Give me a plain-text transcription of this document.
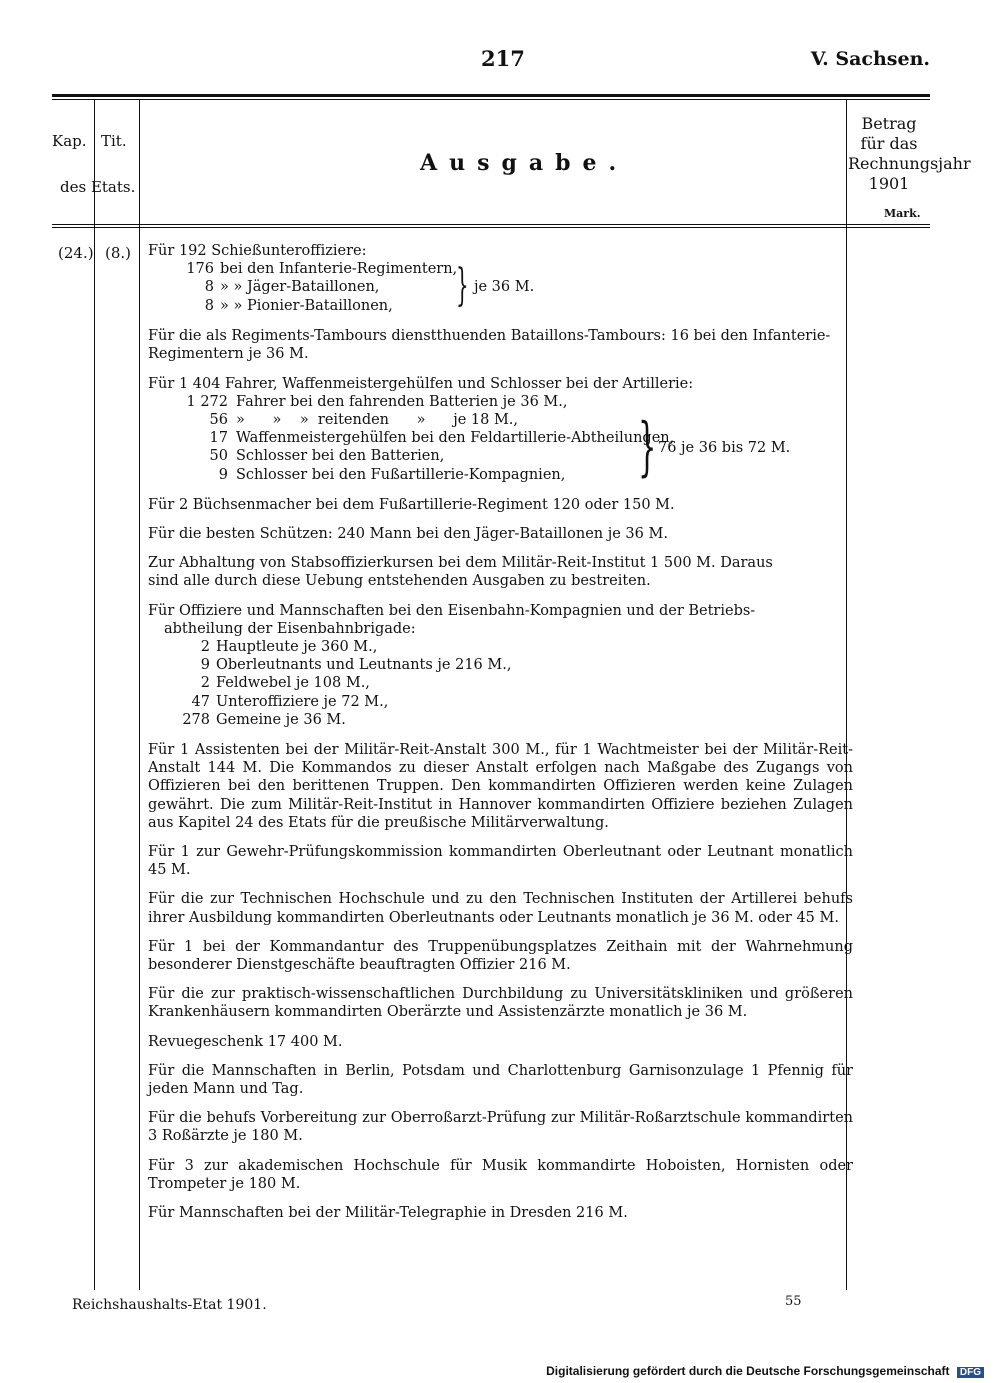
217	V. Sachsen.
Kap. Tit.
des Etats.
Ausgabe.
Betrag
für das
Rechnungsjahr
1901
Mark.
(24.) (8.) Für 192 Schießunteroffiziere:
176 bei den Infanterie-Regimentern,
8 » » Jäger-Bataillonen,
8 » » Pionier-Bataillonen, } je 36 M.
Für die als Regiments-Tambours dienstthuenden Bataillons-Tambours: 16 bei den Infanterie-
Regimentern je 36 M.
Für 1 404 Fahrer, Waffenmeistergehülfen und Schlosser bei der Artillerie:
1 272 Fahrer bei den fahrenden Batterien je 36 M.,
56 »      »    »  reitenden      »      je 18 M.,
17 Waffenmeistergehülfen bei den Feldartillerie-Abtheilungen,
50 Schlosser bei den Batterien,
9 Schlosser bei den Fußartillerie-Kompagnien, } 76 je 36 bis 72 M.
Für 2 Büchsenmacher bei dem Fußartillerie-Regiment 120 oder 150 M.
Für die besten Schützen: 240 Mann bei den Jäger-Bataillonen je 36 M.
Zur Abhaltung von Stabsoffizierkursen bei dem Militär-Reit-Institut 1 500 M. Daraus
sind alle durch diese Uebung entstehenden Ausgaben zu bestreiten.
Für Offiziere und Mannschaften bei den Eisenbahn-Kompagnien und der Betriebs-
abtheilung der Eisenbahnbrigade:
2 Hauptleute je 360 M.,
9 Oberleutnants und Leutnants je 216 M.,
2 Feldwebel je 108 M.,
47 Unteroffiziere je 72 M.,
278 Gemeine je 36 M.
Für 1 Assistenten bei der Militär-Reit-Anstalt 300 M., für 1 Wachtmeister bei der Militär-Reit-Anstalt 144 M. Die Kommandos zu dieser Anstalt erfolgen nach Maßgabe des Zugangs von Offizieren bei den berittenen Truppen. Den kommandirten Offizieren werden keine Zulagen gewährt. Die zum Militär-Reit-Institut in Hannover kommandirten Offiziere beziehen Zulagen aus Kapitel 24 des Etats für die preußische Militärverwaltung.
Für 1 zur Gewehr-Prüfungskommission kommandirten Oberleutnant oder Leutnant monatlich 45 M.
Für die zur Technischen Hochschule und zu den Technischen Instituten der Artillerei behufs ihrer Ausbildung kommandirten Oberleutnants oder Leutnants monatlich je 36 M. oder 45 M.
Für 1 bei der Kommandantur des Truppenübungsplatzes Zeithain mit der Wahrnehmung besonderer Dienstgeschäfte beauftragten Offizier 216 M.
Für die zur praktisch-wissenschaftlichen Durchbildung zu Universitätskliniken und größeren Krankenhäusern kommandirten Oberärzte und Assistenzärzte monatlich je 36 M.
Revuegeschenk 17 400 M.
Für die Mannschaften in Berlin, Potsdam und Charlottenburg Garnisonzulage 1 Pfennig für jeden Mann und Tag.
Für die behufs Vorbereitung zur Oberroßarzt-Prüfung zur Militär-Roßarztschule kommandirten 3 Roßärzte je 180 M.
Für 3 zur akademischen Hochschule für Musik kommandirte Hoboisten, Hornisten oder Trompeter je 180 M.
Für Mannschaften bei der Militär-Telegraphie in Dresden 216 M.
Reichshaushalts-Etat 1901.	55
Digitalisierung gefördert durch die Deutsche Forschungsgemeinschaft DFG
